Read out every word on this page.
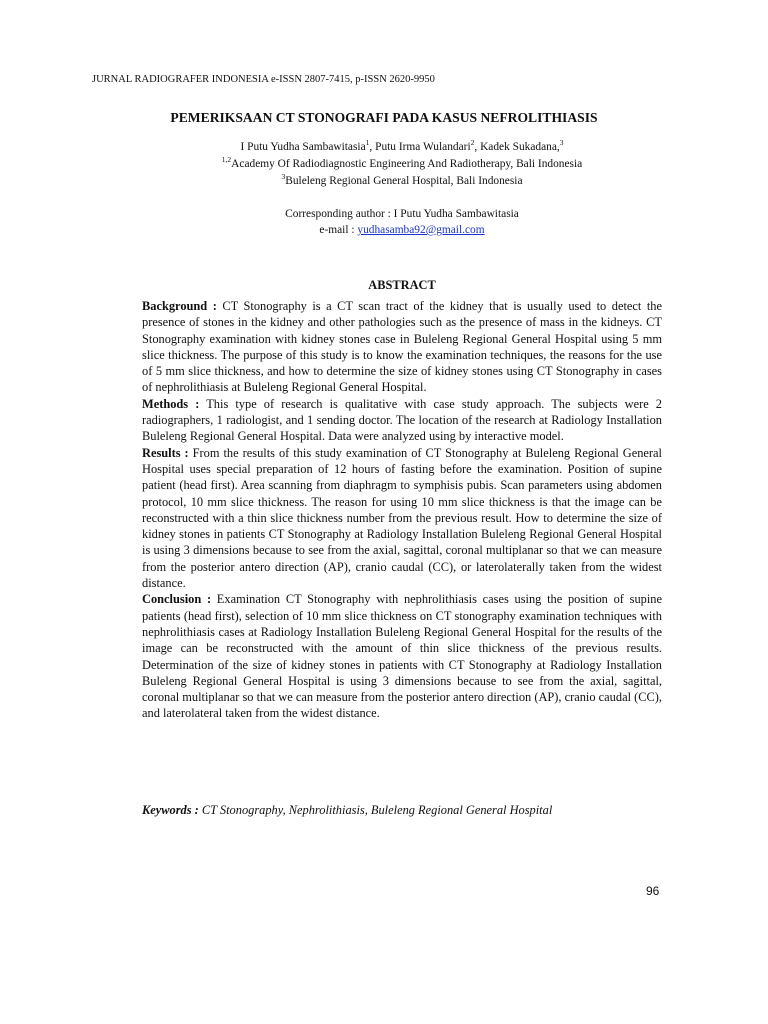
JURNAL RADIOGRAFER INDONESIA e-ISSN 2807-7415, p-ISSN 2620-9950
PEMERIKSAAN CT STONOGRAFI PADA KASUS NEFROLITHIASIS
I Putu Yudha Sambawitasia$^1$, Putu Irma Wulandari$^2$, Kadek Sukadana,$^3$
$^{1,2}$Academy Of Radiodiagnostic Engineering And Radiotherapy, Bali Indonesia
$^3$Buleleng Regional General Hospital, Bali Indonesia
Corresponding author : I Putu Yudha Sambawitasia
e-mail : yudhasamba92@gmail.com
ABSTRACT

Background : CT Stonography is a CT scan tract of the kidney that is usually used to detect the presence of stones in the kidney and other pathologies such as the presence of mass in the kidneys. CT Stonography examination with kidney stones case in Buleleng Regional General Hospital using 5 mm slice thickness. The purpose of this study is to know the examination techniques, the reasons for the use of 5 mm slice thickness, and how to determine the size of kidney stones using CT Stonography in cases of nephrolithiasis at Buleleng Regional General Hospital.

Methods : This type of research is qualitative with case study approach. The subjects were 2 radiographers, 1 radiologist, and 1 sending doctor. The location of the research at Radiology Installation Buleleng Regional General Hospital. Data were analyzed using by interactive model.

Results : From the results of this study examination of CT Stonography at Buleleng Regional General Hospital uses special preparation of 12 hours of fasting before the examination. Position of supine patient (head first). Area scanning from diaphragm to symphisis pubis. Scan parameters using abdomen protocol, 10 mm slice thickness. The reason for using 10 mm slice thickness is that the image can be reconstructed with a thin slice thickness number from the previous result. How to determine the size of kidney stones in patients CT Stonography at Radiology Installation Buleleng Regional General Hospital is using 3 dimensions because to see from the axial, sagittal, coronal multiplanar so that we can measure from the posterior antero direction (AP), cranio caudal (CC), or laterolaterally taken from the widest distance.

Conclusion : Examination CT Stonography with nephrolithiasis cases using the position of supine patients (head first), selection of 10 mm slice thickness on CT stonography examination techniques with nephrolithiasis cases at Radiology Installation Buleleng Regional General Hospital for the results of the image can be reconstructed with the amount of thin slice thickness of the previous results. Determination of the size of kidney stones in patients with CT Stonography at Radiology Installation Buleleng Regional General Hospital is using 3 dimensions because to see from the axial, sagittal, coronal multiplanar so that we can measure from the posterior antero direction (AP), cranio caudal (CC), and laterolateral taken from the widest distance.

Keywords : CT Stonography, Nephrolithiasis, Buleleng Regional General Hospital
96
